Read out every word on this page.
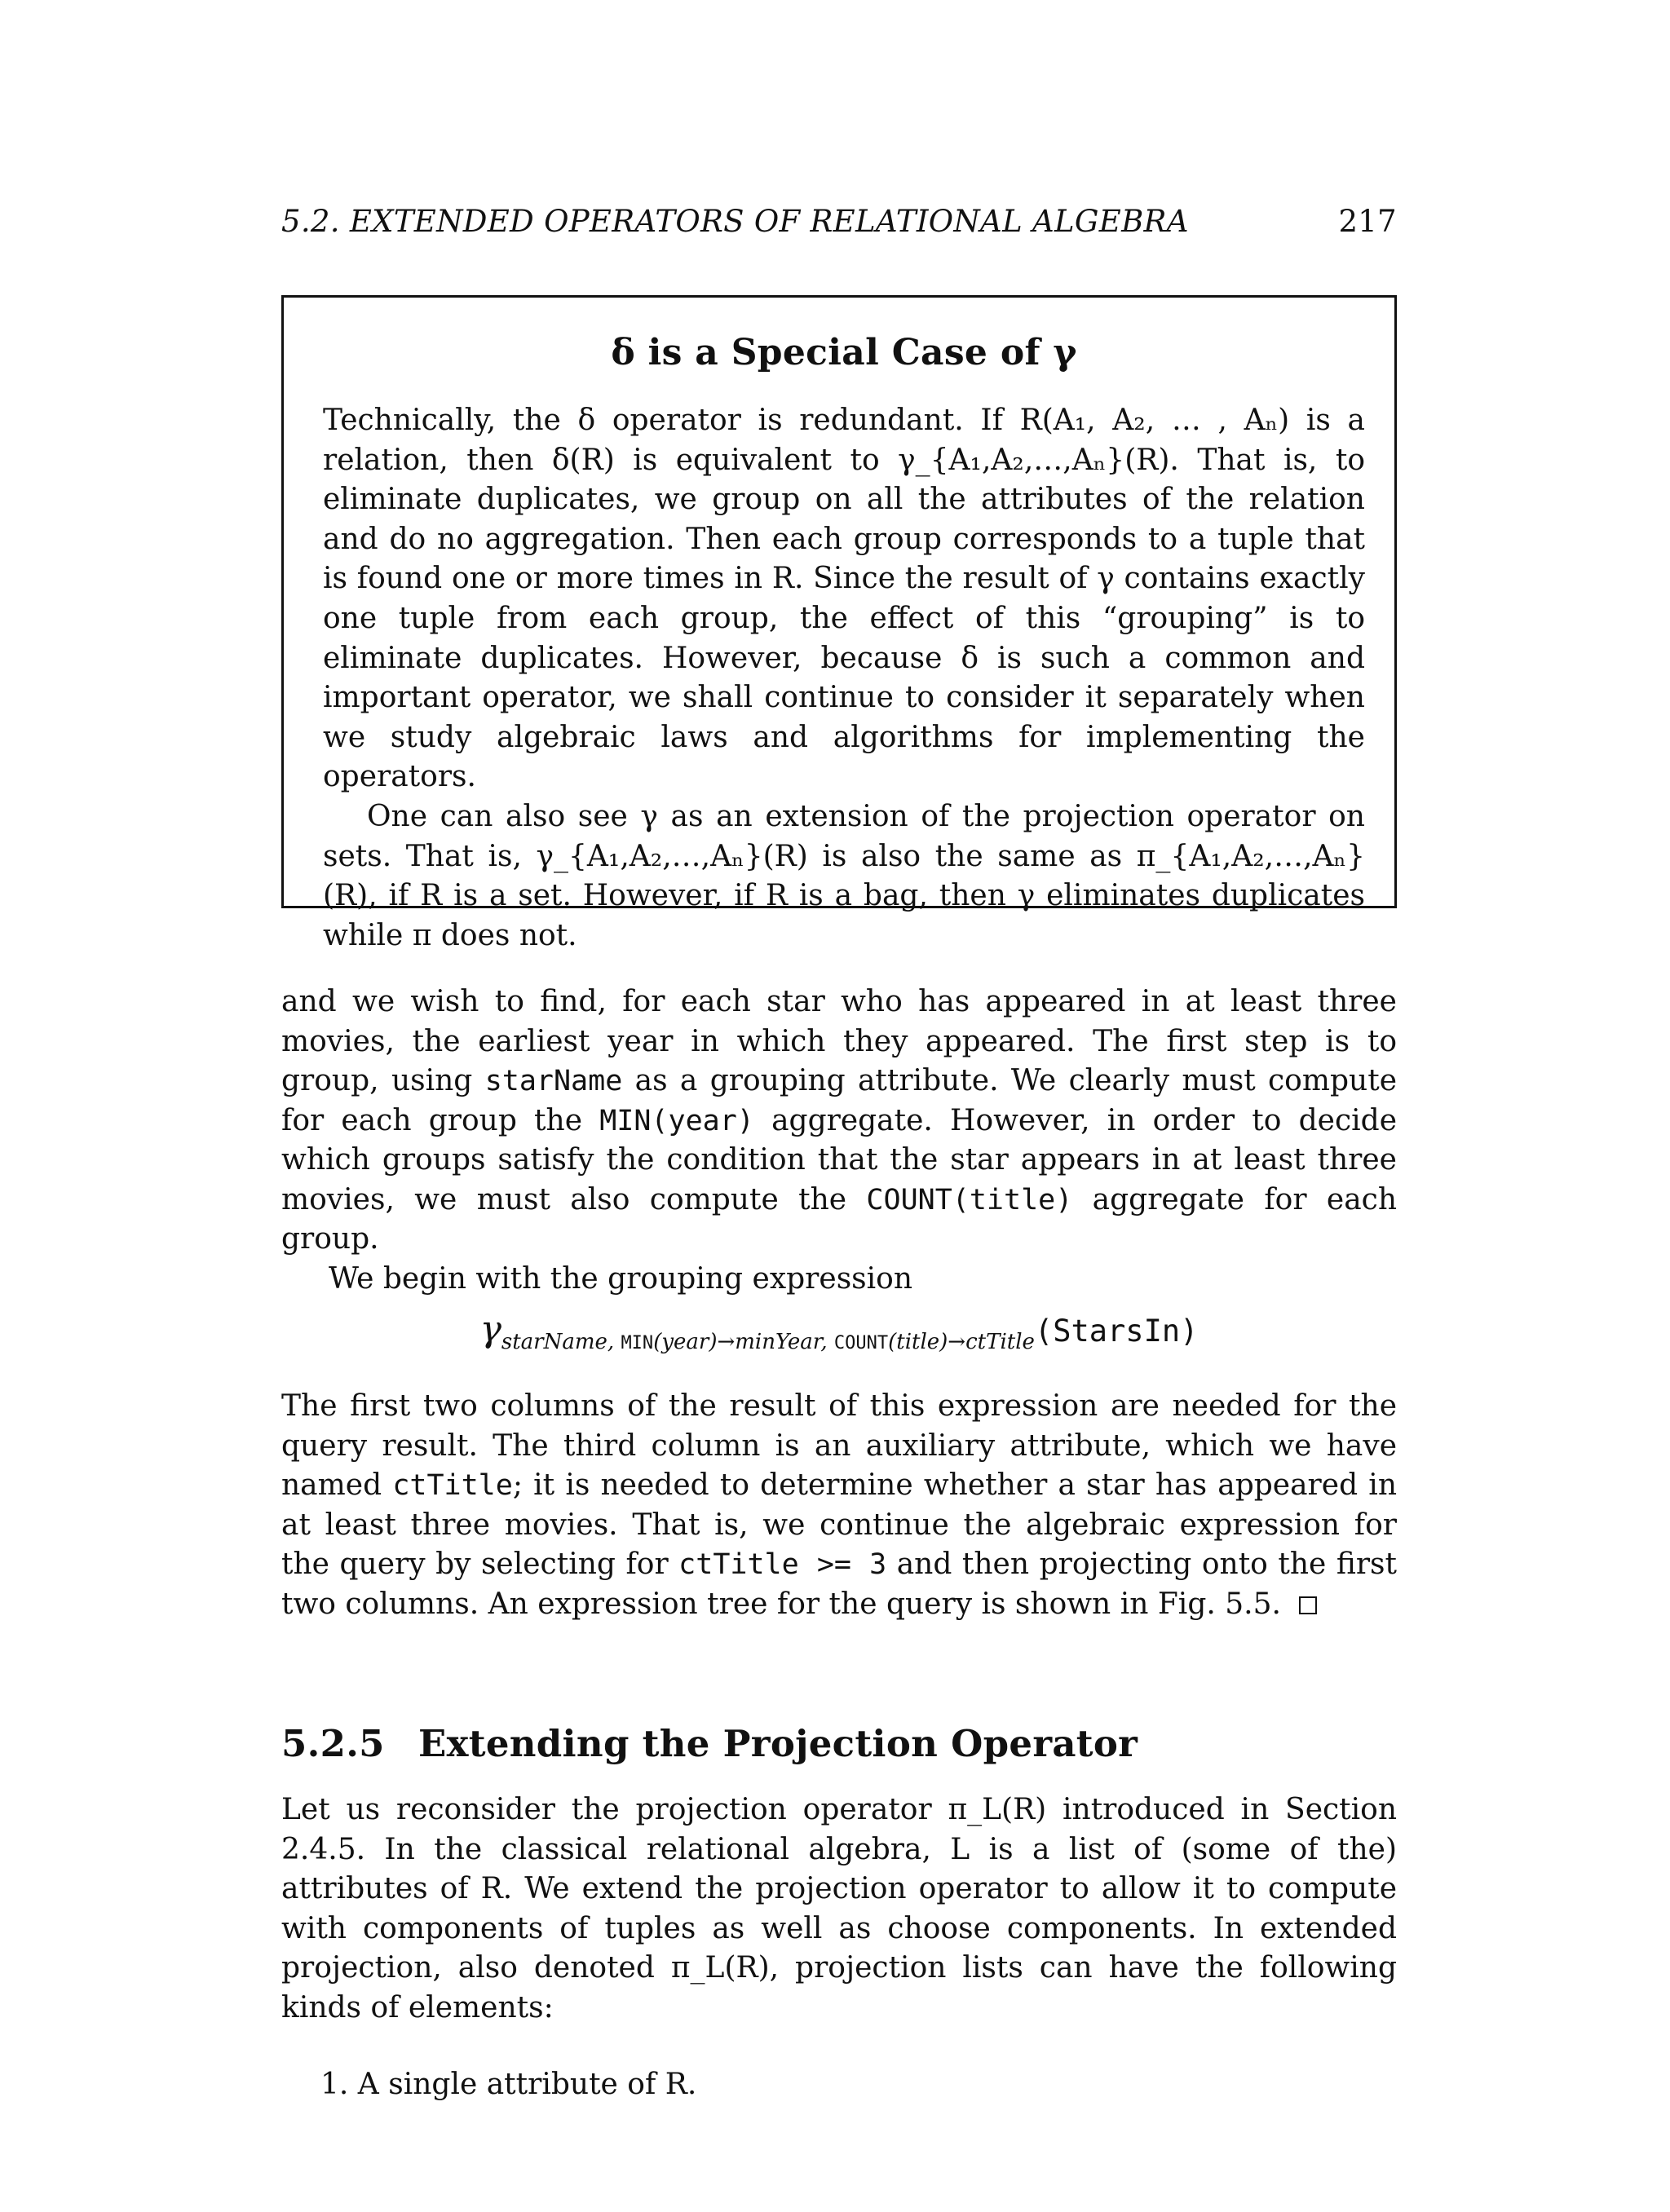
5.2. EXTENDED OPERATORS OF RELATIONAL ALGEBRA	217
δ is a Special Case of γ

Technically, the δ operator is redundant. If R(A₁, A₂, … , Aₙ) is a relation, then δ(R) is equivalent to γ_{A₁,A₂,…,Aₙ}(R). That is, to eliminate duplicates, we group on all the attributes of the relation and do no aggregation. Then each group corresponds to a tuple that is found one or more times in R. Since the result of γ contains exactly one tuple from each group, the effect of this “grouping” is to eliminate duplicates. However, because δ is such a common and important operator, we shall continue to consider it separately when we study algebraic laws and algorithms for implementing the operators.

One can also see γ as an extension of the projection operator on sets. That is, γ_{A₁,A₂,…,Aₙ}(R) is also the same as π_{A₁,A₂,…,Aₙ}(R), if R is a set. However, if R is a bag, then γ eliminates duplicates while π does not.

and we wish to find, for each star who has appeared in at least three movies, the earliest year in which they appeared. The first step is to group, using starName as a grouping attribute. We clearly must compute for each group the MIN(year) aggregate. However, in order to decide which groups satisfy the condition that the star appears in at least three movies, we must also compute the COUNT(title) aggregate for each group.

We begin with the grouping expression

$\gamma_{starName, MIN(year)\to minYear, COUNT(title)\to ctTitle}(StarsIn)$

The first two columns of the result of this expression are needed for the query result. The third column is an auxiliary attribute, which we have named ctTitle; it is needed to determine whether a star has appeared in at least three movies. That is, we continue the algebraic expression for the query by selecting for ctTitle >= 3 and then projecting onto the first two columns. An expression tree for the query is shown in Fig. 5.5.

5.2.5 Extending the Projection Operator

Let us reconsider the projection operator π_L(R) introduced in Section 2.4.5. In the classical relational algebra, L is a list of (some of the) attributes of R. We extend the projection operator to allow it to compute with components of tuples as well as choose components. In extended projection, also denoted π_L(R), projection lists can have the following kinds of elements:

1. A single attribute of R.
